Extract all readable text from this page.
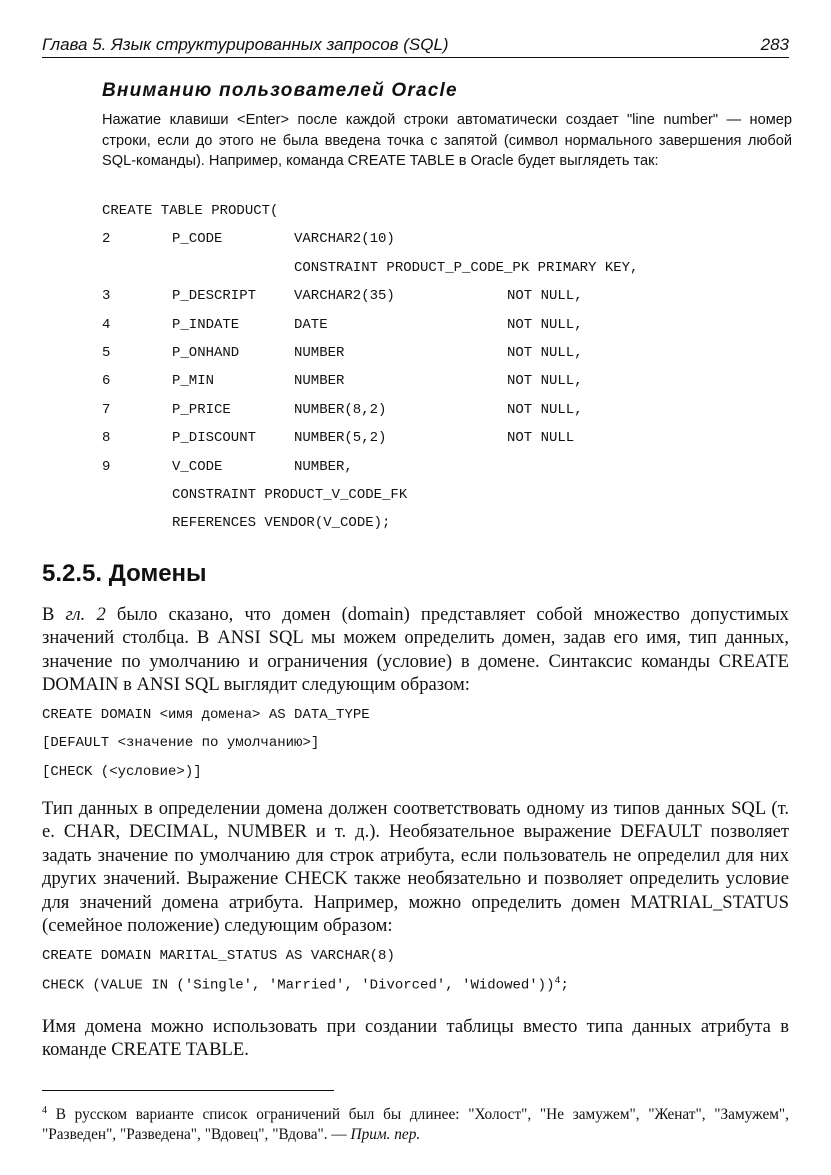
Глава 5. Язык структурированных запросов (SQL)	283

Вниманию пользователей Oracle

Нажатие клавиши <Enter> после каждой строки автоматически создает "line number" — номер строки, если до этого не была введена точка с запятой (символ нормального завершения любой SQL-команды). Например, команда CREATE TABLE в Oracle будет выглядеть так:

CREATE TABLE PRODUCT(

2	P_CODE	VARCHAR2(10)
CONSTRAINT PRODUCT_P_CODE_PK PRIMARY KEY,
3	P_DESCRIPT	VARCHAR2(35)	NOT NULL,
4	P_INDATE	DATE	NOT NULL,
5	P_ONHAND	NUMBER	NOT NULL,
6	P_MIN	NUMBER	NOT NULL,
7	P_PRICE	NUMBER(8,2)	NOT NULL,
8	P_DISCOUNT	NUMBER(5,2)	NOT NULL
9	V_CODE	NUMBER,

CONSTRAINT PRODUCT_V_CODE_FK

REFERENCES VENDOR(V_CODE);

5.2.5. Домены

В гл. 2 было сказано, что домен (domain) представляет собой множество допустимых значений столбца. В ANSI SQL мы можем определить домен, задав его имя, тип данных, значение по умолчанию и ограничения (условие) в домене. Синтаксис команды CREATE DOMAIN в ANSI SQL выглядит следующим образом:

CREATE DOMAIN <имя домена> AS DATA_TYPE
[DEFAULT <значение по умолчанию>]
[CHECK (<условие>)]

Тип данных в определении домена должен соответствовать одному из типов данных SQL (т. е. CHAR, DECIMAL, NUMBER и т. д.). Необязательное выражение DEFAULT позволяет задать значение по умолчанию для строк атрибута, если пользователь не определил для них других значений. Выражение CHECK также необязательно и позволяет определить условие для значений домена атрибута. Например, можно определить домен MATRIAL_STATUS (семейное положение) следующим образом:

CREATE DOMAIN MARITAL_STATUS AS VARCHAR(8)
CHECK (VALUE IN ('Single', 'Married', 'Divorced', 'Widowed'))$^4$;

Имя домена можно использовать при создании таблицы вместо типа данных атрибута в команде CREATE TABLE.

$^4$ В русском варианте список ограничений был бы длинее: "Холост", "Не замужем", "Женат", "Замужем", "Разведен", "Разведена", "Вдовец", "Вдова". — Прим. пер.
